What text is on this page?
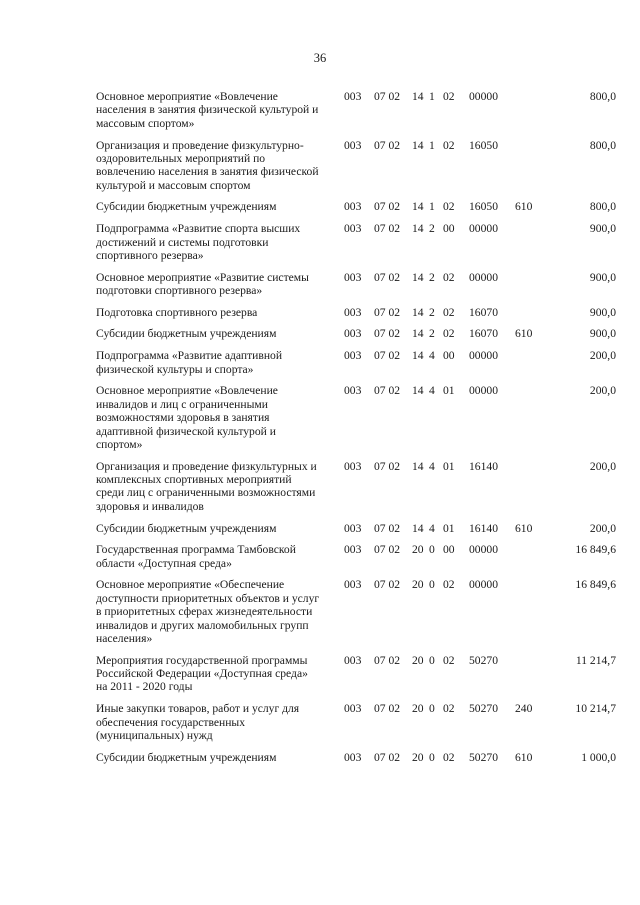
36
Основное мероприятие «Вовлечение населения в занятия физической культурой и массовым спортом»
003	07 02	14 1 02	00000	800,0
Организация и проведение физкультурно-оздоровительных мероприятий по вовлечению населения в занятия физической культурой и массовым спортом
003	07 02	14 1 02	16050	800,0
Субсидии бюджетным учреждениям	003	07 02	14 1 02	16050	610	800,0
Подпрограмма «Развитие спорта высших достижений и системы подготовки спортивного резерва»
003	07 02	14 2 00	00000	900,0
Основное мероприятие «Развитие системы подготовки спортивного резерва»
003	07 02	14 2 02	00000	900,0
Подготовка спортивного резерва	003	07 02	14 2 02	16070	900,0
Субсидии бюджетным учреждениям	003	07 02	14 2 02	16070	610	900,0
Подпрограмма «Развитие адаптивной физической культуры и спорта»
003	07 02	14 4 00	00000	200,0
Основное мероприятие «Вовлечение инвалидов и лиц с ограниченными возможностями здоровья в занятия адаптивной физической культурой и спортом»
003	07 02	14 4 01	00000	200,0
Организация и проведение физкультурных и комплексных спортивных мероприятий среди лиц с ограниченными возможностями здоровья и инвалидов
003	07 02	14 4 01	16140	200,0
Субсидии бюджетным учреждениям	003	07 02	14 4 01	16140	610	200,0
Государственная программа Тамбовской области «Доступная среда»
003	07 02	20 0 00	00000	16 849,6
Основное мероприятие «Обеспечение доступности приоритетных объектов и услуг в приоритетных сферах жизнедеятельности инвалидов и других маломобильных групп населения»
003	07 02	20 0 02	00000	16 849,6
Мероприятия государственной программы Российской Федерации «Доступная среда» на 2011 - 2020 годы
003	07 02	20 0 02	50270	11 214,7
Иные закупки товаров, работ и услуг для обеспечения государственных (муниципальных) нужд
003	07 02	20 0 02	50270	240	10 214,7
Субсидии бюджетным учреждениям	003	07 02	20 0 02	50270	610	1 000,0
